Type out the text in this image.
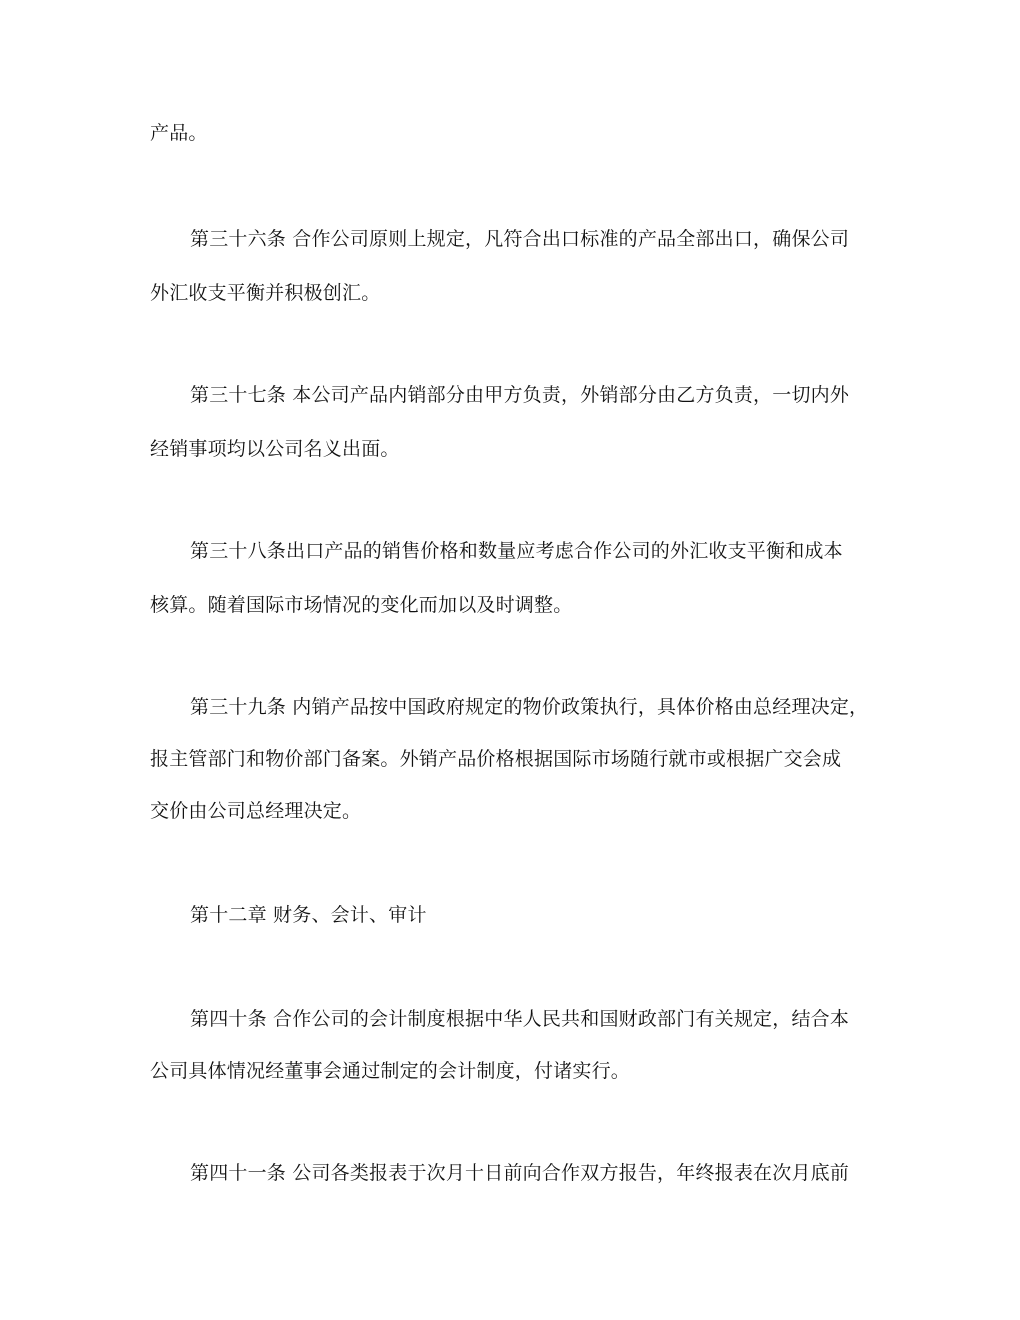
产品。
第三十六条 合作公司原则上规定，凡符合出口标准的产品全部出口，确保公司
外汇收支平衡并积极创汇。
第三十七条 本公司产品内销部分由甲方负责，外销部分由乙方负责，一切内外
经销事项均以公司名义出面。
第三十八条出口产品的销售价格和数量应考虑合作公司的外汇收支平衡和成本
核算。随着国际市场情况的变化而加以及时调整。
第三十九条 内销产品按中国政府规定的物价政策执行，具体价格由总经理决定，
报主管部门和物价部门备案。外销产品价格根据国际市场随行就市或根据广交会成
交价由公司总经理决定。
第十二章 财务、会计、审计
第四十条 合作公司的会计制度根据中华人民共和国财政部门有关规定，结合本
公司具体情况经董事会通过制定的会计制度，付诸实行。
第四十一条 公司各类报表于次月十日前向合作双方报告，年终报表在次月底前
